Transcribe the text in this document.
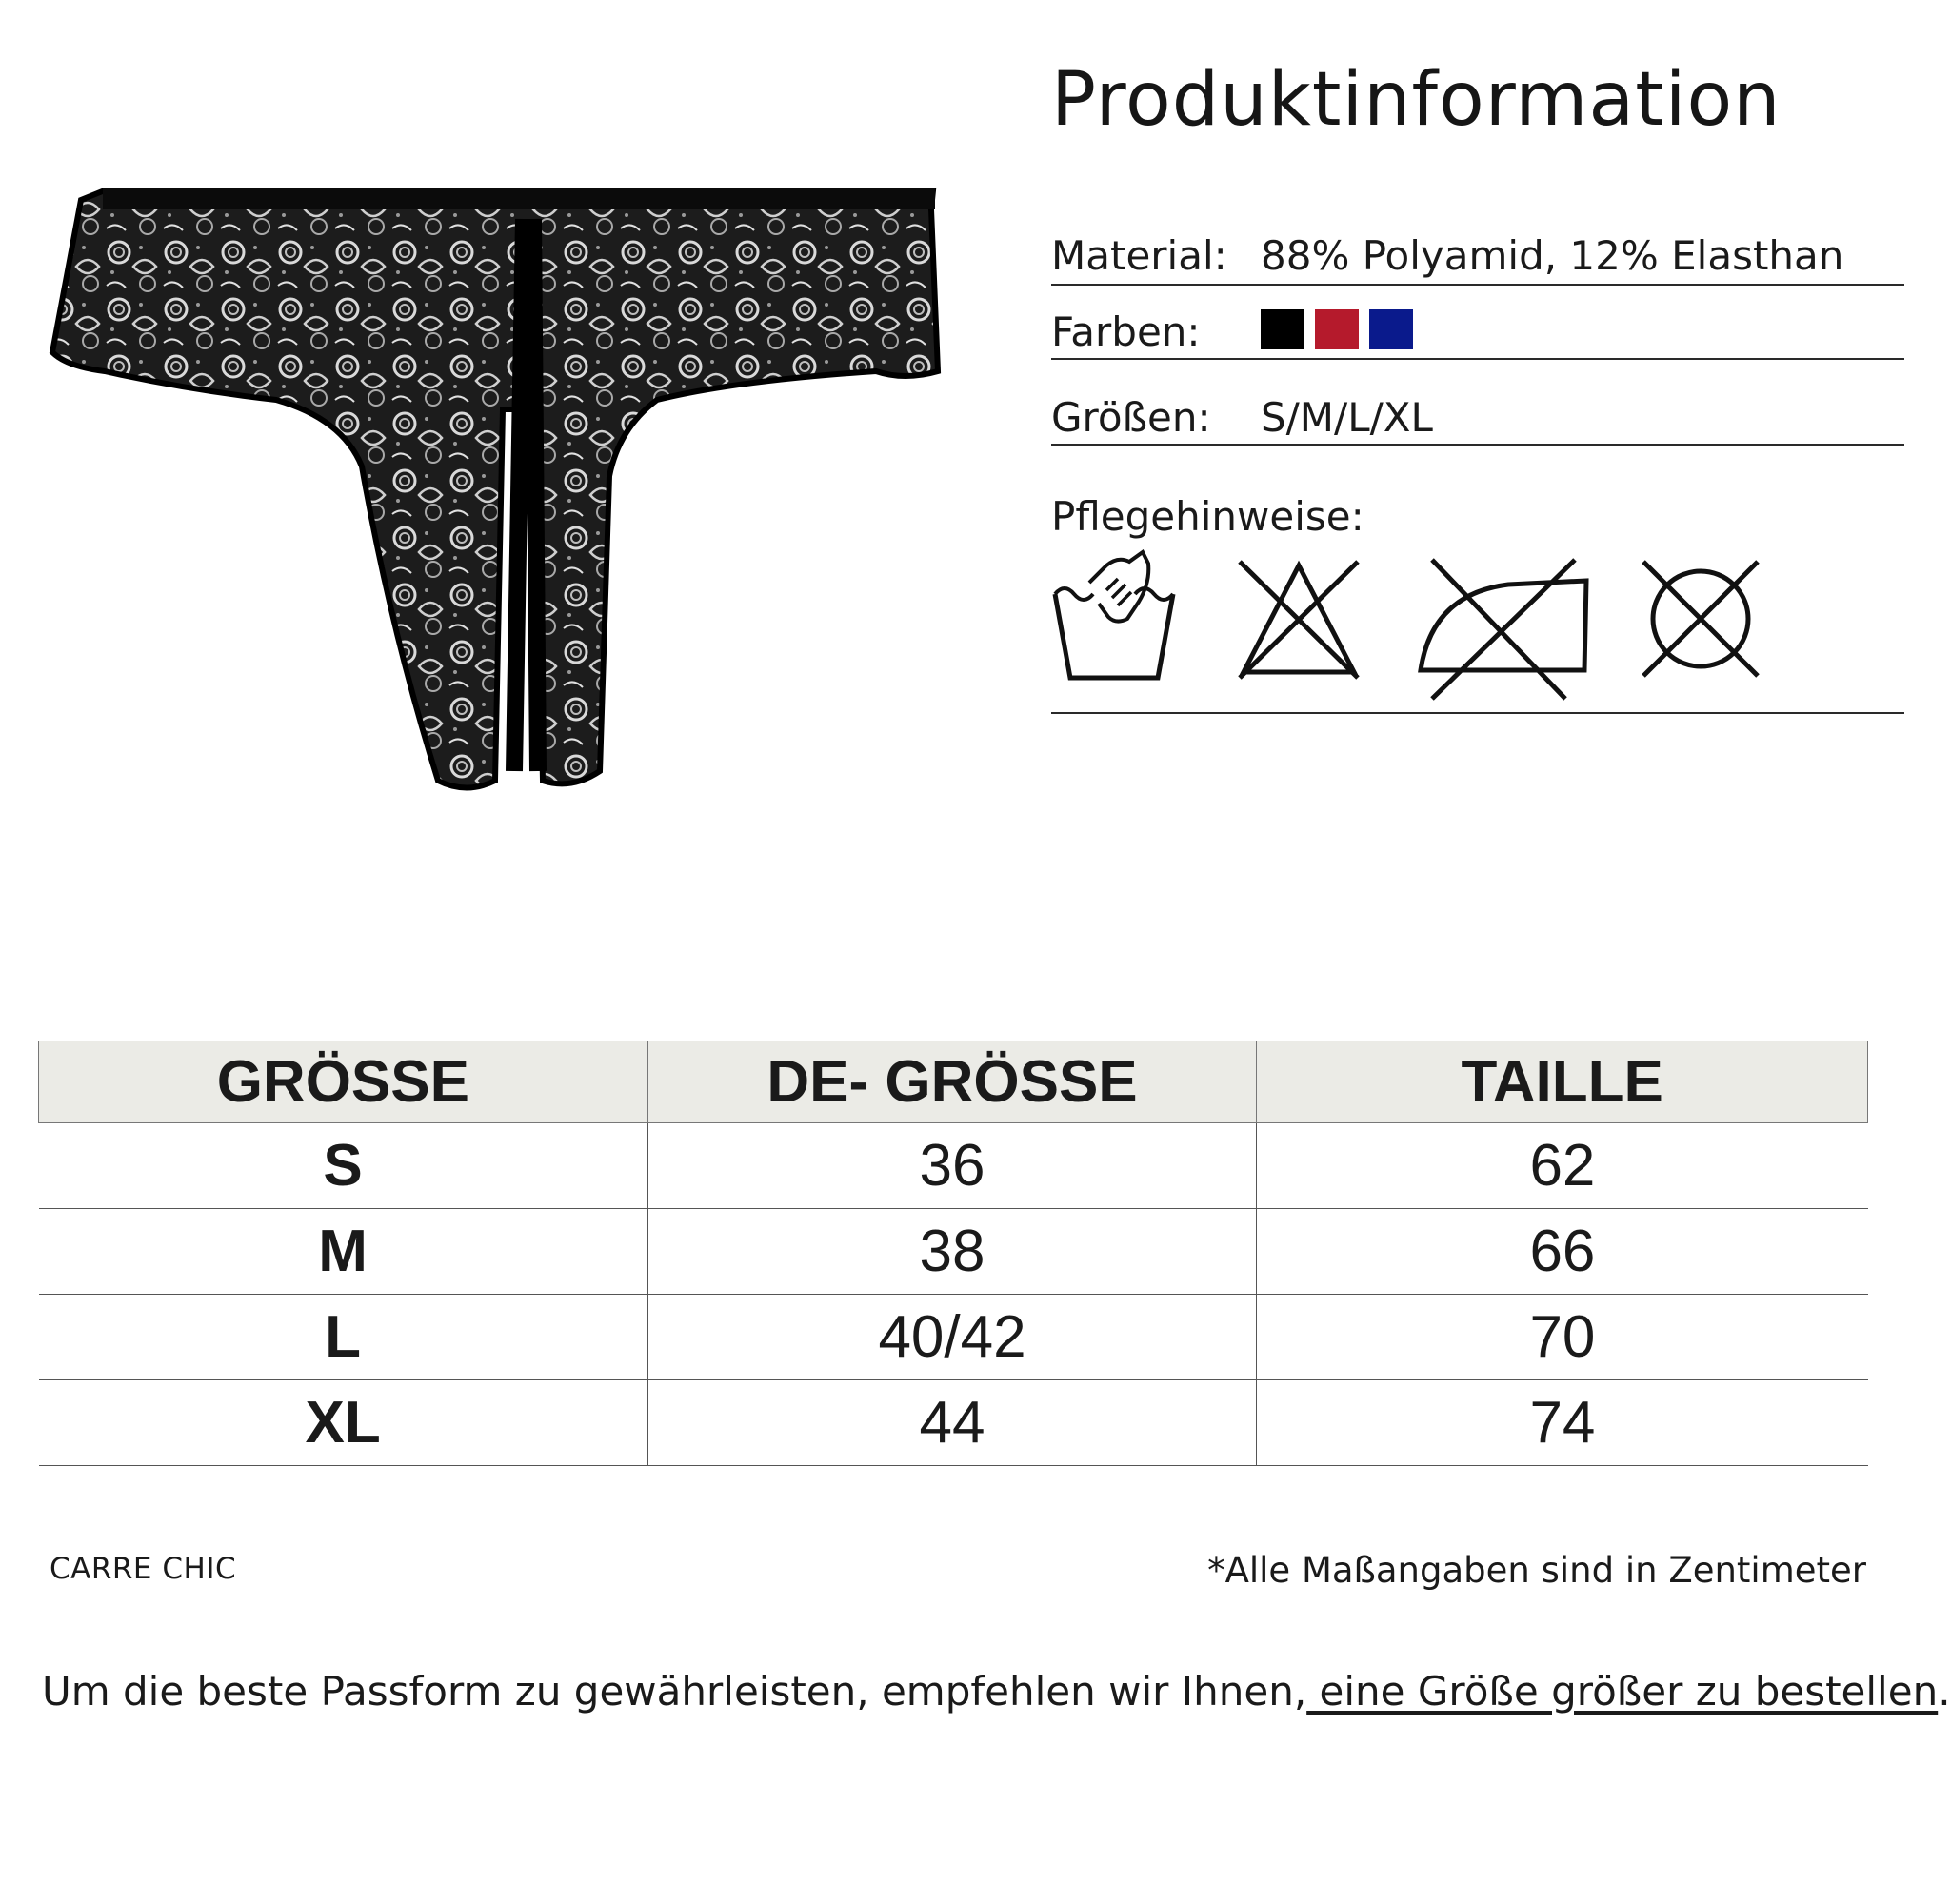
Produktinformation
Material: 88% Polyamid, 12% Elasthan
Farben:
Größen: S/M/L/XL
Pflegehinweise:
GRÖSSE	DE- GRÖSSE	TAILLE
S	36	62
M	38	66
L	40/42	70
XL	44	74
CARRE CHIC	*Alle Maßangaben sind in Zentimeter
Um die beste Passform zu gewährleisten, empfehlen wir Ihnen, eine Größe größer zu bestellen.
